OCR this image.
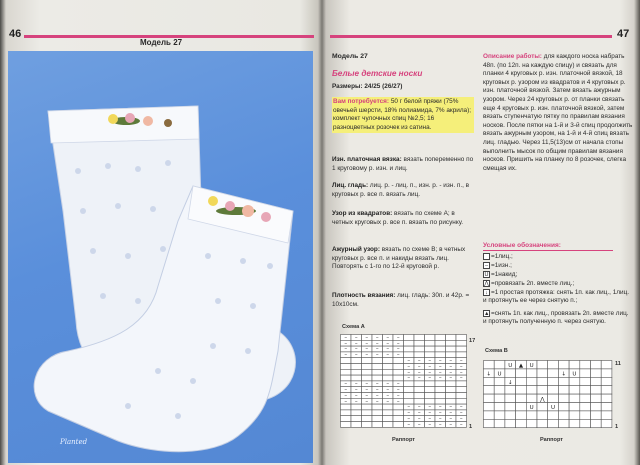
46
Модель 27
Planted
47
Модель 27
Белые детские носки
Размеры: 24/25 (26/27)
Вам потребуется: 50 г белой пряжи (75% овечьей шерсти, 18% полиамида, 7% акрила); комплект чулочных спиц №2,5; 16 разноцветных розочек из сатина.
Изн. платочная вязка: вязать попеременно по 1 круговому р. изн. и лиц.
Лиц. гладь: лиц. р. - лиц. п., изн. р. - изн. п., в круговых р. все п. вязать лиц.
Узор из квадратов: вязать по схеме А; в четных круговых р. все п. вязать по рисунку.
Ажурный узор: вязать по схеме В; в четных круговых р. все п. и накиды вязать лиц. Повторять с 1-го по 12-й круговой р.
Плотность вязания: лиц. гладь: 30п. и 42р. = 10х10см.
Описание работы: для каждого носка набрать 48п. (по 12п. на каждую спицу) и связать для планки 4 круговых р. изн. платочной вязкой, 18 круговых р. узором из квадратов и 4 круговых р. изн. платочной вязкой. Затем вязать ажурным узором. Через 24 круговых р. от планки связать еще 4 круговых р. изн. платочной вязкой, затем вязать ступенчатую пятку по правилам вязания носков. После пятки на 1-й и 3-й спиц продолжить вязать ажурным узором, на 1-й и 4-й спиц вязать лиц. гладью. Через 11,5(13)см от начала стопы выполнить мысок по общим правилам вязания носков. Пришить на планку по 8 розочек, слегка смещая их.
Условные обозначения:
=1лиц.;
– =1изн.;
U =1накид;
⋀ =провязать 2п. вместе лиц.;
↓ =1 простая протяжка: снять 1п. как лиц., 1лиц. и протянуть ее через снятую п.;
▲ =снять 1п. как лиц., провязать 2п. вместе лиц. и протянуть полученную п. через снятую.
Схема А
– – – – – –
– – – – – –
– – – – – –
– – – – – –
– – – – – –
– – – – – –
– – – – – –
– – – – – –
– – – – – –
– – – – – –
– – – – – –
– – – – – –
– – – – – –
– – – – – –
– – – – – –
– – – – – –
17
1
Раппорт
Схема В
U ▲ U
↓ U	↓ U
↓
⋀
U	U
11
1
Раппорт
